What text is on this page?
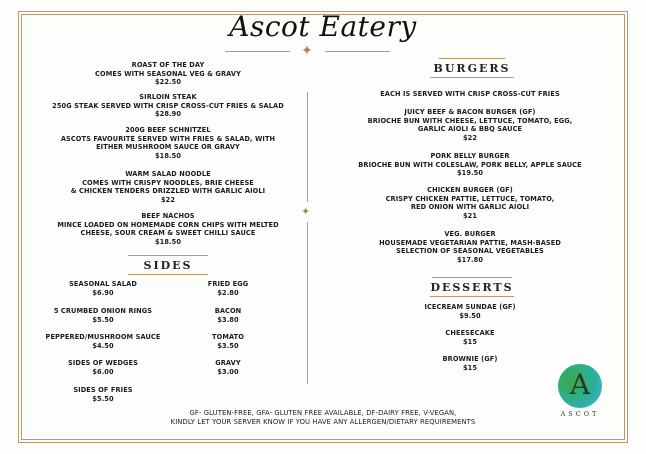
Ascot Eatery
✦
✦
SIDES
BURGERS
EACH IS SERVED WITH CRISP CROSS-CUT FRIES
DESSERTS
GF- GLUTEN-FREE, GFA- GLUTEN FREE AVAILABLE, DF-DAIRY FREE, V-VEGAN,
KINDLY LET YOUR SERVER KNOW IF YOU HAVE ANY ALLERGEN/DIETARY REQUIREMENTS
A
ASCOT
ROAST OF THE DAY
COMES WITH SEASONAL VEG & GRAVY
$22.50
SIRLOIN STEAK
250G STEAK SERVED WITH CRISP CROSS-CUT FRIES & SALAD
$28.90
200G BEEF SCHNITZEL
ASCOTS FAVOURITE SERVED WITH FRIES & SALAD, WITH
EITHER MUSHROOM SAUCE OR GRAVY
$18.50
WARM SALAD NOODLE
COMES WITH CRISPY NOODLES, BRIE CHEESE
& CHICKEN TENDERS DRIZZLED WITH GARLIC AIOLI
$22
BEEF NACHOS
MINCE LOADED ON HOMEMADE CORN CHIPS WITH MELTED
CHEESE, SOUR CREAM & SWEET CHILLI SAUCE
$18.50
SEASONAL SALAD
$6.90
5 CRUMBED ONION RINGS
$5.50
PEPPERED/MUSHROOM SAUCE
$4.50
SIDES OF WEDGES
$6.00
SIDES OF FRIES
$5.50
FRIED EGG
$2.80
BACON
$3.80
TOMATO
$3.50
GRAVY
$3.00
JUICY BEEF & BACON BURGER (GF)
BRIOCHE BUN WITH CHEESE, LETTUCE, TOMATO, EGG,
GARLIC AIOLI & BBQ SAUCE
$22
PORK BELLY BURGER
BRIOCHE BUN WITH COLESLAW, PORK BELLY, APPLE SAUCE
$19.50
CHICKEN BURGER (GF)
CRISPY CHICKEN PATTIE, LETTUCE, TOMATO,
RED ONION WITH GARLIC AIOLI
$21
VEG. BURGER
HOUSEMADE VEGETARIAN PATTIE, MASH-BASED
SELECTION OF SEASONAL VEGETABLES
$17.80
ICECREAM SUNDAE (GF)
$9.50
CHEESECAKE
$15
BROWNIE (GF)
$15
